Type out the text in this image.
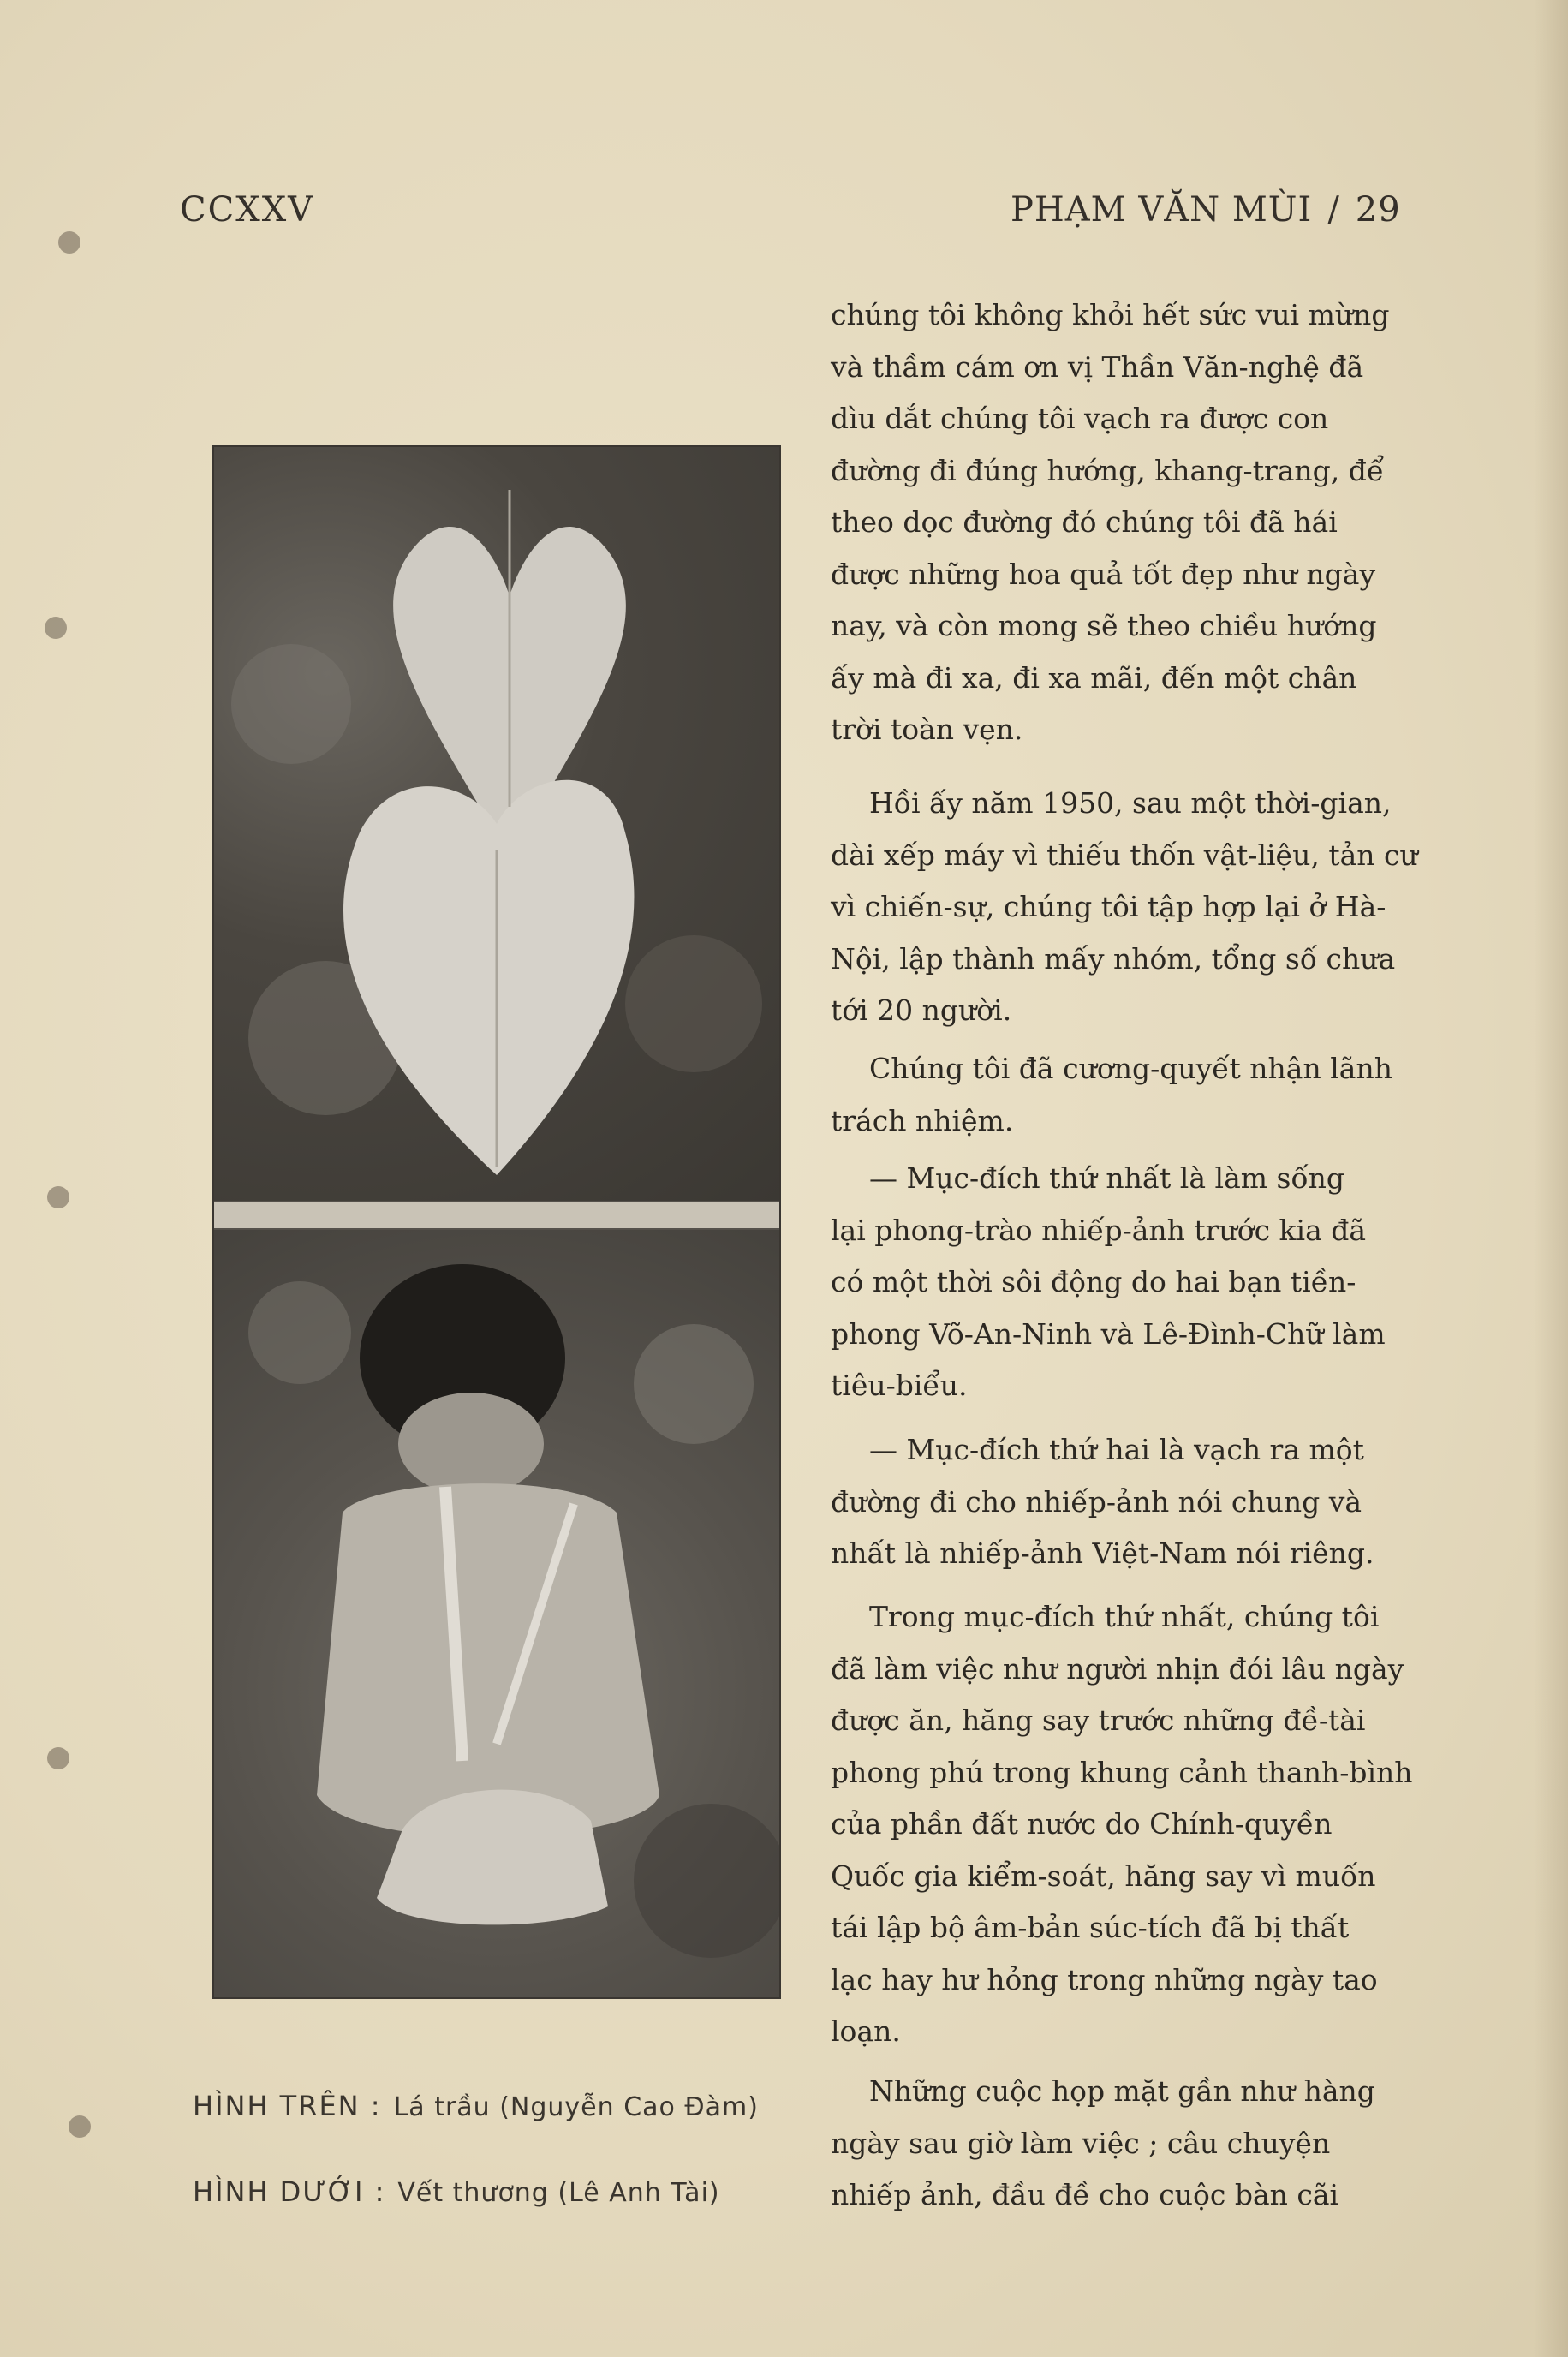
CCXXV	PHẠM VĂN MÙI / 29
HÌNH TRÊN : Lá trầu (Nguyễn Cao Đàm)
HÌNH DƯỚI : Vết thương (Lê Anh Tài)

chúng tôi không khỏi hết sức vui mừng

và thầm cám ơn vị Thần Văn-nghệ đã

dìu dắt chúng tôi vạch ra được con

đường đi đúng hướng, khang-trang, để

theo dọc đường đó chúng tôi đã hái

được những hoa quả tốt đẹp như ngày

nay, và còn mong sẽ theo chiều hướng

ấy mà đi xa, đi xa mãi, đến một chân

trời toàn vẹn.

Hồi ấy năm 1950, sau một thời-gian,

dài xếp máy vì thiếu thốn vật-liệu, tản cư

vì chiến-sự, chúng tôi tập hợp lại ở Hà-

Nội, lập thành mấy nhóm, tổng số chưa

tới 20 người.

Chúng tôi đã cương-quyết nhận lãnh

trách nhiệm.

— Mục-đích thứ nhất là làm sống

lại phong-trào nhiếp-ảnh trước kia đã

có một thời sôi động do hai bạn tiền-

phong Võ-An-Ninh và Lê-Đình-Chữ làm

tiêu-biểu.

— Mục-đích thứ hai là vạch ra một

đường đi cho nhiếp-ảnh nói chung và

nhất là nhiếp-ảnh Việt-Nam nói riêng.

Trong mục-đích thứ nhất, chúng tôi

đã làm việc như người nhịn đói lâu ngày

được ăn, hăng say trước những đề-tài

phong phú trong khung cảnh thanh-bình

của phần đất nước do Chính-quyền

Quốc gia kiểm-soát, hăng say vì muốn

tái lập bộ âm-bản súc-tích đã bị thất

lạc hay hư hỏng trong những ngày tao

loạn.

Những cuộc họp mặt gần như hàng

ngày sau giờ làm việc ; câu chuyện

nhiếp ảnh, đầu đề cho cuộc bàn cãi
